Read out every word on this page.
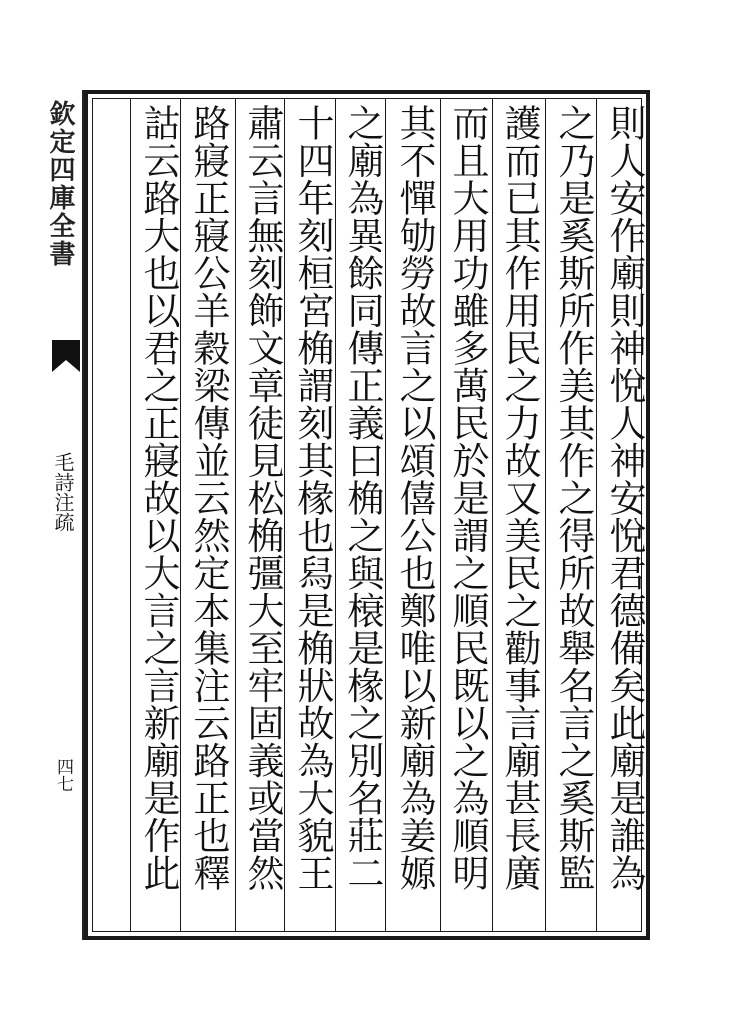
欽定四庫全書
毛詩注疏
四七	則人安作廟則神悅人神安悅君德備矣此廟是誰為
之乃是奚斯所作美其作之得所故舉名言之奚斯監
護而已其作用民之力故又美民之勸事言廟甚長廣
而且大用功雖多萬民於是謂之順民既以之為順明
其不憚劬勞故言之以頌僖公也鄭唯以新廟為姜嫄
之廟為異餘同傳正義曰桷之與榱是椽之別名莊二
十四年刻桓宮桷謂刻其椽也舄是桷狀故為大貌王
肅云言無刻飾文章徒見松桷彊大至牢固義或當然
路寢正寢公羊穀梁傳並云然定本集注云路正也釋
詁云路大也以君之正寢故以大言之言新廟是作此
